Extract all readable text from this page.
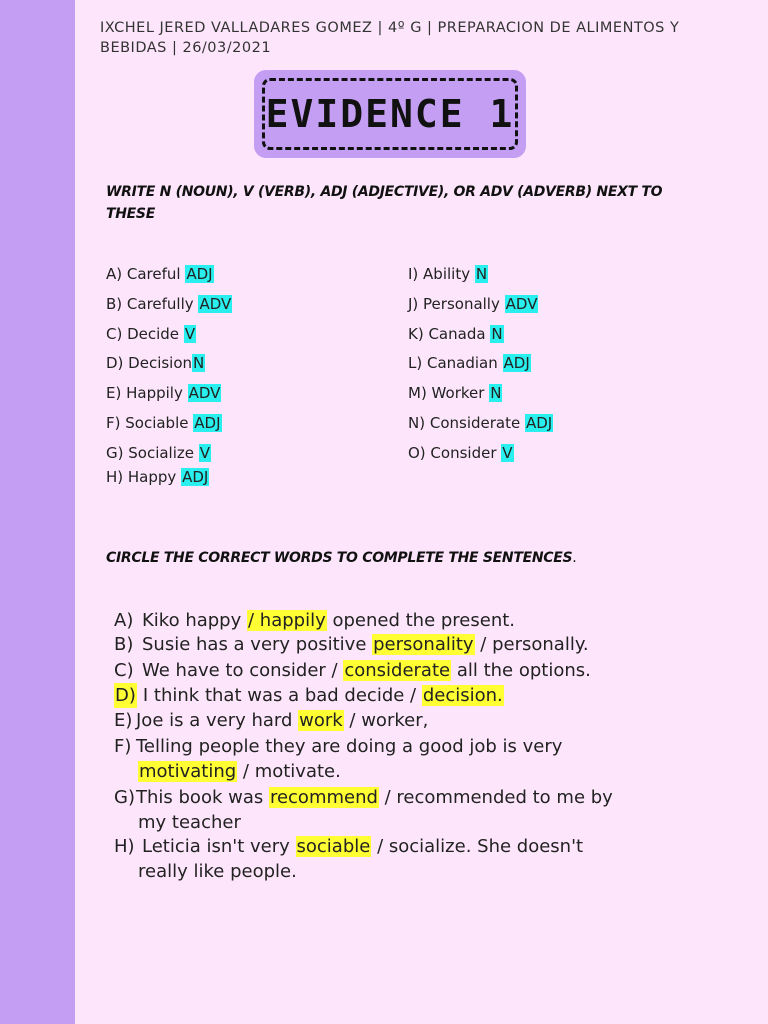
IXCHEL JERED VALLADARES GOMEZ | 4º G | PREPARACION DE ALIMENTOS Y BEBIDAS | 26/03/2021
EVIDENCE 1
WRITE N (NOUN), V (VERB), ADJ (ADJECTIVE), OR ADV (ADVERB) NEXT TO THESE
A) Careful ADJ
B) Carefully ADV
C) Decide V
D) DecisionN
E) Happily ADV
F) Sociable ADJ
G) Socialize V
H) Happy ADJ
I) Ability N
J) Personally ADV
K) Canada N
L) Canadian ADJ
M) Worker N
N) Considerate ADJ
O) Consider V
CIRCLE THE CORRECT WORDS TO COMPLETE THE SENTENCES.
A) Kiko happy / happily opened the present.
B) Susie has a very positive personality / personally.
C) We have to consider / considerate all the options.
D) I think that was a bad decide / decision.
E) Joe is a very hard work / worker,
F) Telling people they are doing a good job is very
motivating / motivate.
G)This book was recommend / recommended to me by
my teacher
H) Leticia isn't very sociable / socialize. She doesn't
really like people.
